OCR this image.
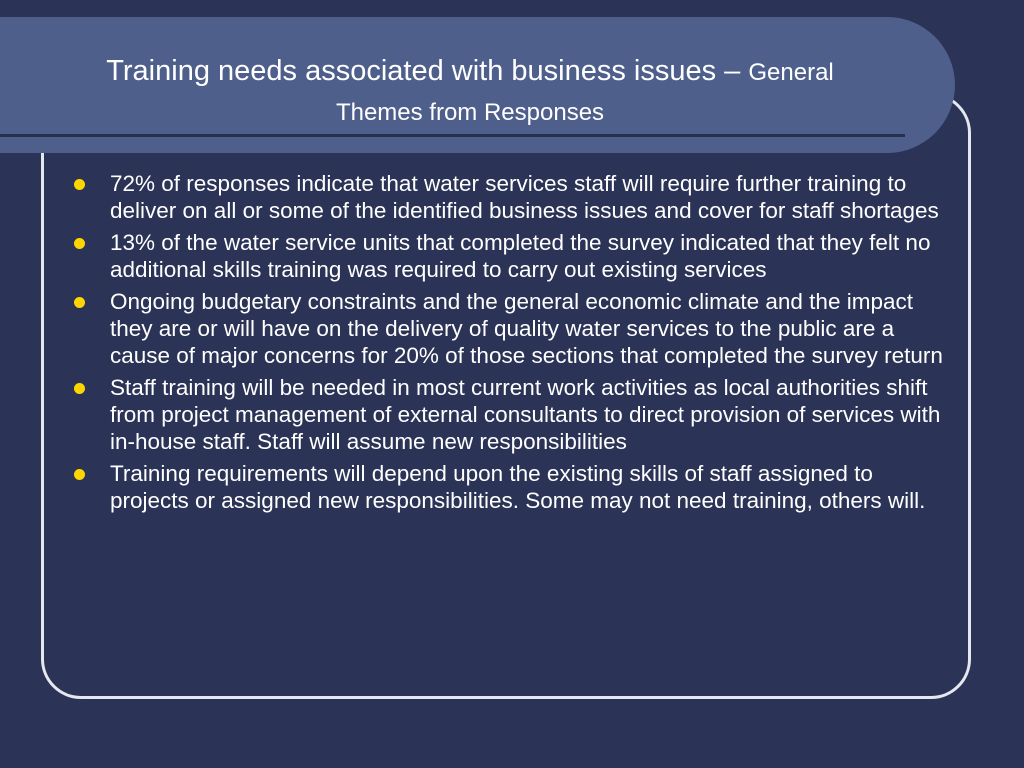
Training needs associated with business issues – General
Themes from Responses
72% of responses indicate that water services staff will require further training to deliver on all or some of the identified business issues and cover for staff shortages
13% of the water service units that completed the survey indicated that they felt no additional skills training was required to carry out existing services
Ongoing budgetary constraints and the general economic climate and the impact they are or will have on the delivery of quality water services to the public are a cause of major concerns for 20% of those sections that completed the survey return
Staff training will be needed in most current work activities as local authorities shift from project management of external consultants to direct provision of services with in-house staff. Staff will assume new responsibilities
Training requirements will depend upon the existing skills of staff assigned to projects or assigned new responsibilities. Some may not need training, others will.
